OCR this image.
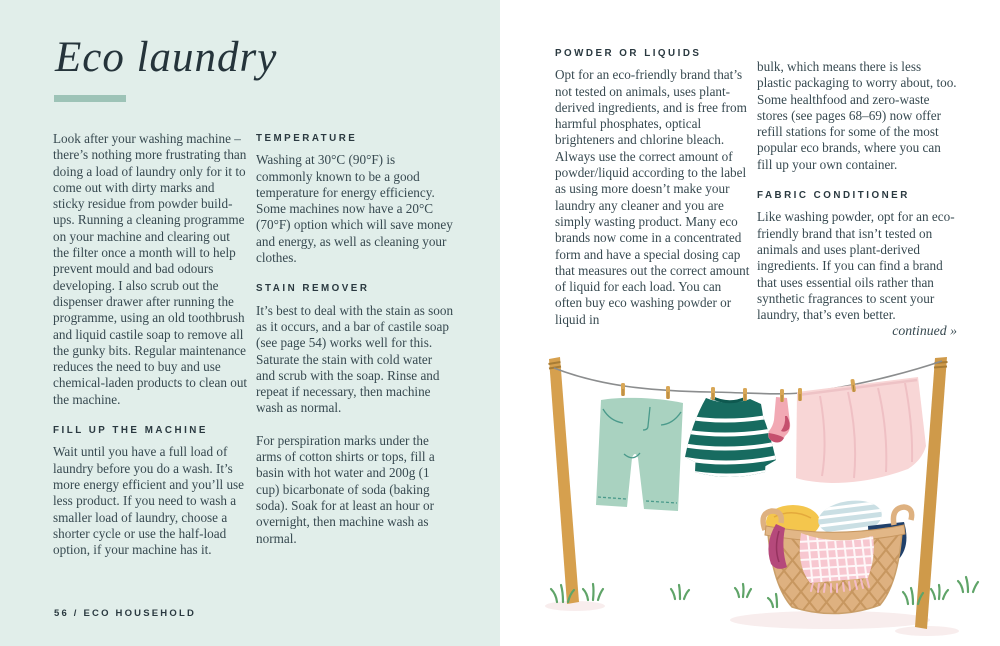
Eco laundry

Look after your washing machine – there’s nothing more frustrating than doing a load of laundry only for it to come out with dirty marks and sticky residue from powder build-ups. Running a cleaning programme on your machine and clearing out the filter once a month will to help prevent mould and bad odours developing. I also scrub out the dispenser drawer after running the programme, using an old toothbrush and liquid castile soap to remove all the gunky bits. Regular maintenance reduces the need to buy and use chemical-laden products to clean out the machine.

FILL UP THE MACHINE

Wait until you have a full load of laundry before you do a wash. It’s more energy efficient and you’ll use less product. If you need to wash a smaller load of laundry, choose a shorter cycle or use the half-load option, if your machine has it.

TEMPERATURE

Washing at 30°C (90°F) is commonly known to be a good temperature for energy efficiency. Some machines now have a 20°C (70°F) option which will save money and energy, as well as cleaning your clothes.

STAIN REMOVER

It’s best to deal with the stain as soon as it occurs, and a bar of castile soap (see page 54) works well for this. Saturate the stain with cold water and scrub with the soap. Rinse and repeat if necessary, then machine wash as normal.

For perspiration marks under the arms of cotton shirts or tops, fill a basin with hot water and 200g (1 cup) bicarbonate of soda (baking soda). Soak for at least an hour or overnight, then machine wash as normal.

56 / ECO HOUSEHOLD
POWDER OR LIQUIDS

Opt for an eco-friendly brand that’s not tested on animals, uses plant-derived ingredients, and is free from harmful phosphates, optical brighteners and chlorine bleach. Always use the correct amount of powder/liquid according to the label as using more doesn’t make your laundry any cleaner and you are simply wasting product. Many eco brands now come in a concentrated form and have a special dosing cap that measures out the correct amount of liquid for each load. You can often buy eco washing powder or liquid in

bulk, which means there is less plastic packaging to worry about, too. Some healthfood and zero-waste stores (see pages 68–69) now offer refill stations for some of the most popular eco brands, where you can fill up your own container.

FABRIC CONDITIONER

Like washing powder, opt for an eco-friendly brand that isn’t tested on animals and uses plant-derived ingredients. If you can find a brand that uses essential oils rather than synthetic fragrances to scent your laundry, that’s even better.

continued »
